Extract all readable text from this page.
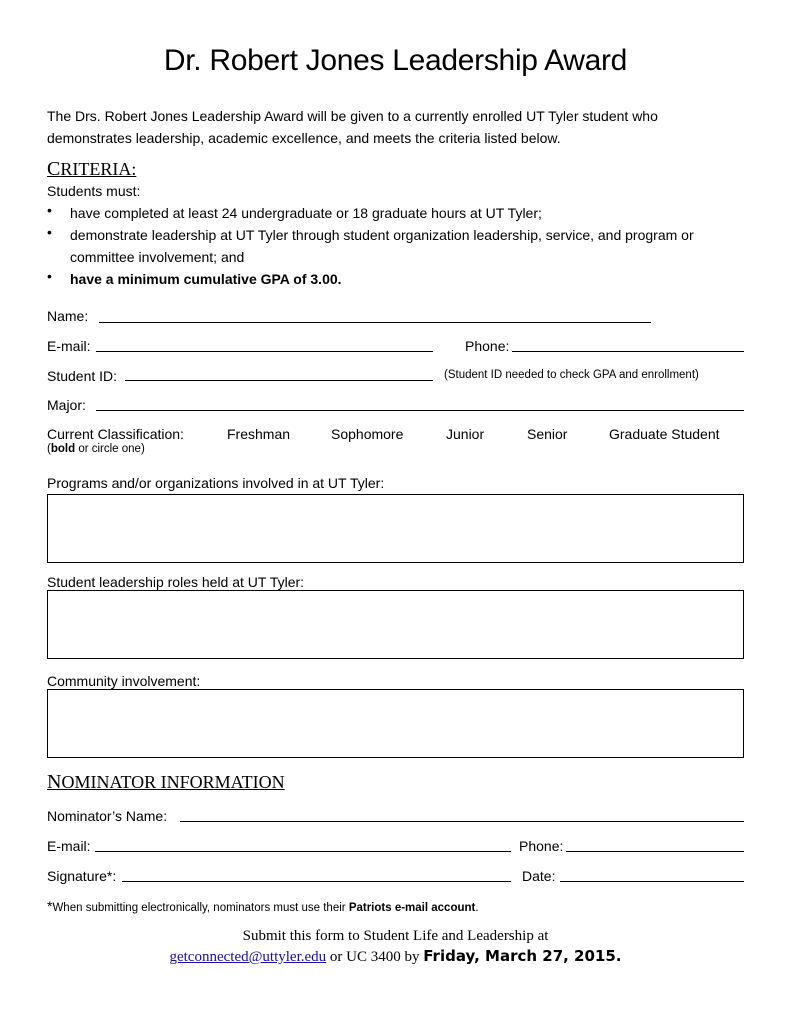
Dr. Robert Jones Leadership Award
The Drs. Robert Jones Leadership Award will be given to a currently enrolled UT Tyler student who
demonstrates leadership, academic excellence, and meets the criteria listed below.
CRITERIA:
Students must:
• have completed at least 24 undergraduate or 18 graduate hours at UT Tyler;
• demonstrate leadership at UT Tyler through student organization leadership, service, and program or
committee involvement; and
• have a minimum cumulative GPA of 3.00.
Name:
E-mail:	Phone:
Student ID:	(Student ID needed to check GPA and enrollment)
Major:
Current Classification:
(bold or circle one)
Freshman	Sophomore	Junior	Senior	Graduate Student
Programs and/or organizations involved in at UT Tyler:
Student leadership roles held at UT Tyler:
Community involvement:
NOMINATOR INFORMATION
Nominator’s Name:
E-mail:	Phone:
Signature*:	Date:
*When submitting electronically, nominators must use their Patriots e-mail account.
Submit this form to Student Life and Leadership at
getconnected@uttyler.edu or UC 3400 by Friday, March 27, 2015.
